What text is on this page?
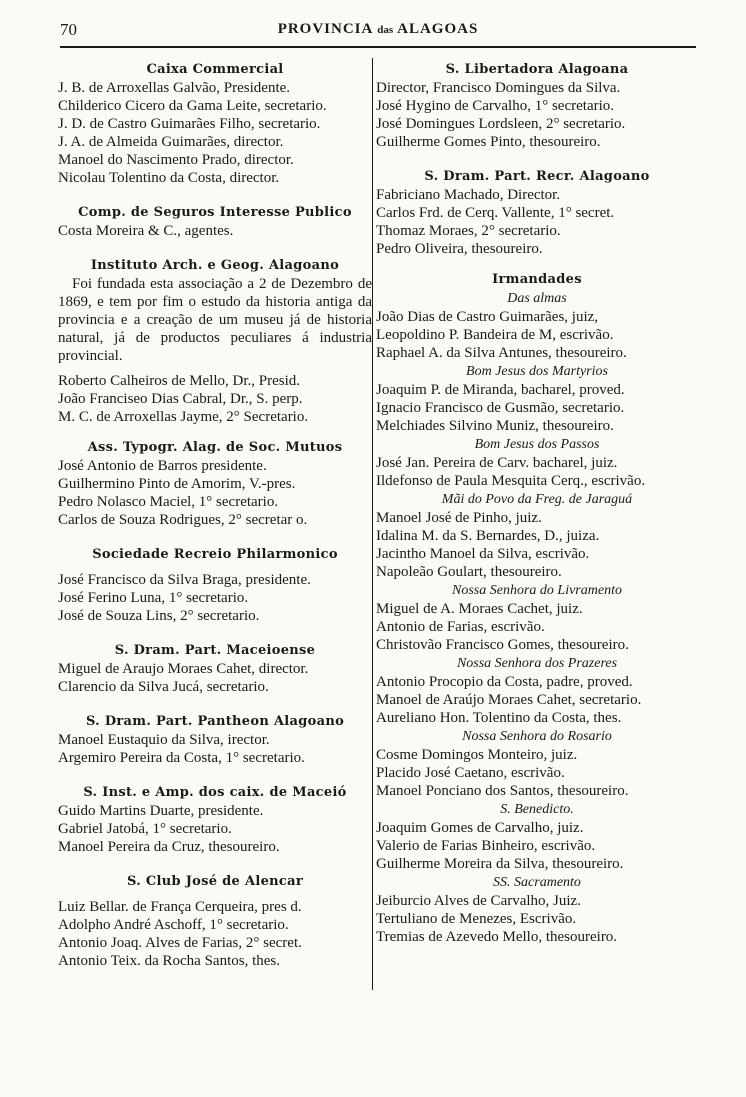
70	PROVINCIA das ALAGOAS
Caixa Commercial
J. B. de Arroxellas Galvão, Presidente.
Childerico Cicero da Gama Leite, secretario.
J. D. de Castro Guimarães Filho, secretario.
J. A. de Almeida Guimarães, director.
Manoel do Nascimento Prado, director.
Nicolau Tolentino da Costa, director.
Comp. de Seguros Interesse Publico
Costa Moreira & C., agentes.
Instituto Arch. e Geog. Alagoano
Foi fundada esta associação a 2 de Dezembro de 1869, e tem por fim o estudo da historia antiga da provincia e a creação de um museu já de historia natural, já de productos peculiares á industria provincial.
Roberto Calheiros de Mello, Dr., Presid.
João Franciseo Dias Cabral, Dr., S. perp.
M. C. de Arroxellas Jayme, 2° Secretario.
Ass. Typogr. Alag. de Soc. Mutuos
José Antonio de Barros presidente.
Guilhermino Pinto de Amorim, V.-pres.
Pedro Nolasco Maciel, 1° secretario.
Carlos de Souza Rodrigues, 2° secretar o.
Sociedade Recreio Philarmonico
José Francisco da Silva Braga, presidente.
José Ferino Luna, 1° secretario.
José de Souza Lins, 2° secretario.
S. Dram. Part. Maceioense
Miguel de Araujo Moraes Cahet, director.
Clarencio da Silva Jucá, secretario.
S. Dram. Part. Pantheon Alagoano
Manoel Eustaquio da Silva, irector.
Argemiro Pereira da Costa, 1° secretario.
S. Inst. e Amp. dos caix. de Maceió
Guido Martins Duarte, presidente.
Gabriel Jatobá, 1° secretario.
Manoel Pereira da Cruz, thesoureiro.
S. Club José de Alencar
Luiz Bellar. de França Cerqueira, pres d.
Adolpho André Aschoff, 1° secretario.
Antonio Joaq. Alves de Farias, 2° secret.
Antonio Teix. da Rocha Santos, thes.
S. Libertadora Alagoana
Director, Francisco Domingues da Silva.
José Hygino de Carvalho, 1° secretario.
José Domingues Lordsleen, 2° secretario.
Guilherme Gomes Pinto, thesoureiro.
S. Dram. Part. Recr. Alagoano
Fabriciano Machado, Director.
Carlos Frd. de Cerq. Vallente, 1° secret.
Thomaz Moraes, 2° secretario.
Pedro Oliveira, thesoureiro.
Irmandades
Das almas
João Dias de Castro Guimarães, juiz,
Leopoldino P. Bandeira de M, escrivão.
Raphael A. da Silva Antunes, thesoureiro.
Bom Jesus dos Martyrios
Joaquim P. de Miranda, bacharel, proved.
Ignacio Francisco de Gusmão, secretario.
Melchiades Silvino Muniz, thesoureiro.
Bom Jesus dos Passos
José Jan. Pereira de Carv. bacharel, juiz.
Ildefonso de Paula Mesquita Cerq., escrivão.
Mãi do Povo da Freg. de Jaraguá
Manoel José de Pinho, juiz.
Idalina M. da S. Bernardes, D., juiza.
Jacintho Manoel da Silva, escrivão.
Napoleão Goulart, thesoureiro.
Nossa Senhora do Livramento
Miguel de A. Moraes Cachet, juiz.
Antonio de Farias, escrivão.
Christovão Francisco Gomes, thesoureiro.
Nossa Senhora dos Prazeres
Antonio Procopio da Costa, padre, proved.
Manoel de Araújo Moraes Cahet, secretario.
Aureliano Hon. Tolentino da Costa, thes.
Nossa Senhora do Rosario
Cosme Domingos Monteiro, juiz.
Placido José Caetano, escrivão.
Manoel Ponciano dos Santos, thesoureiro.
S. Benedicto.
Joaquim Gomes de Carvalho, juiz.
Valerio de Farias Binheiro, escrivão.
Guilherme Moreira da Silva, thesoureiro.
SS. Sacramento
Jeiburcio Alves de Carvalho, Juiz.
Tertuliano de Menezes, Escrivão.
Tremias de Azevedo Mello, thesoureiro.
